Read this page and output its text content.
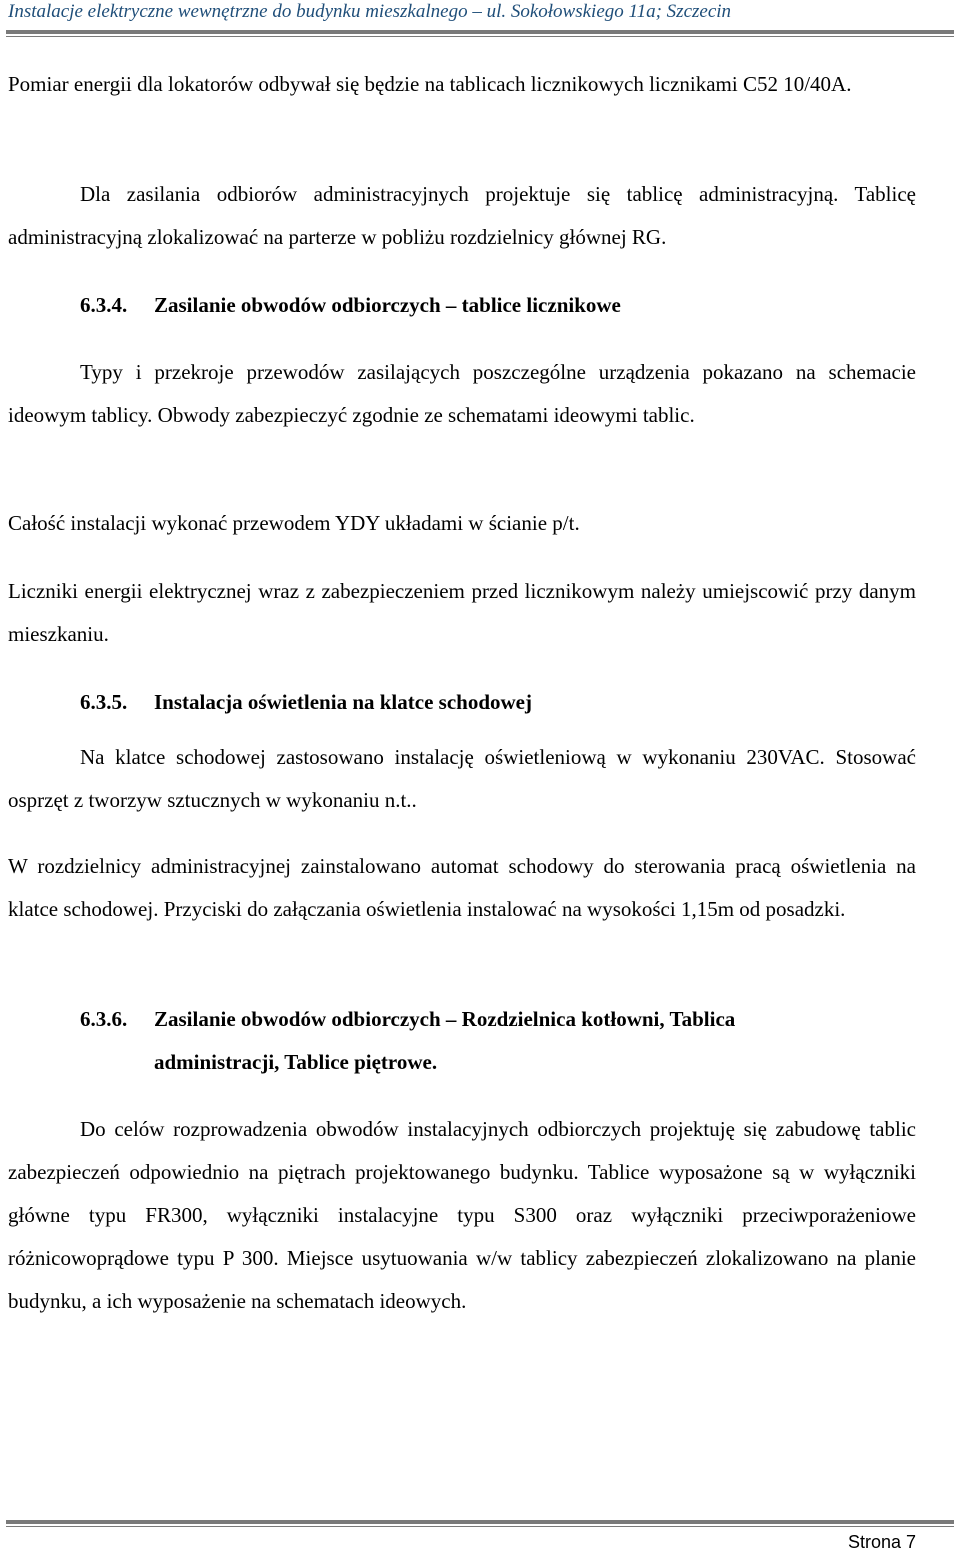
Instalacje elektryczne wewnętrzne do budynku mieszkalnego – ul. Sokołowskiego 11a; Szczecin
Pomiar energii dla lokatorów odbywał się będzie na tablicach licznikowych licznikami C52 10/40A.
Dla zasilania odbiorów administracyjnych projektuje się tablicę administracyjną. Tablicę administracyjną zlokalizować na parterze w pobliżu rozdzielnicy głównej RG.
6.3.4. Zasilanie obwodów odbiorczych – tablice licznikowe
Typy i przekroje przewodów zasilających poszczególne urządzenia pokazano na schemacie ideowym tablicy. Obwody zabezpieczyć zgodnie ze schematami ideowymi tablic.
Całość instalacji wykonać przewodem YDY układami w ścianie p/t.
Liczniki energii elektrycznej wraz z zabezpieczeniem przed licznikowym należy umiejscowić przy danym mieszkaniu.
6.3.5. Instalacja oświetlenia na klatce schodowej
Na klatce schodowej zastosowano instalację oświetleniową w wykonaniu 230VAC. Stosować osprzęt z tworzyw sztucznych w wykonaniu n.t..
W rozdzielnicy administracyjnej zainstalowano automat schodowy do sterowania pracą oświetlenia na klatce schodowej. Przyciski do załączania oświetlenia instalować na wysokości 1,15m od posadzki.
6.3.6. Zasilanie obwodów odbiorczych – Rozdzielnica kotłowni, Tablica
administracji, Tablice piętrowe.
Do celów rozprowadzenia obwodów instalacyjnych odbiorczych projektuję się zabudowę tablic zabezpieczeń odpowiednio na piętrach projektowanego budynku. Tablice wyposażone są w wyłączniki główne typu FR300, wyłączniki instalacyjne typu S300 oraz wyłączniki przeciwporażeniowe różnicowoprądowe typu P 300. Miejsce usytuowania w/w tablicy zabezpieczeń zlokalizowano na planie budynku, a ich wyposażenie na schematach ideowych.
Strona 7
